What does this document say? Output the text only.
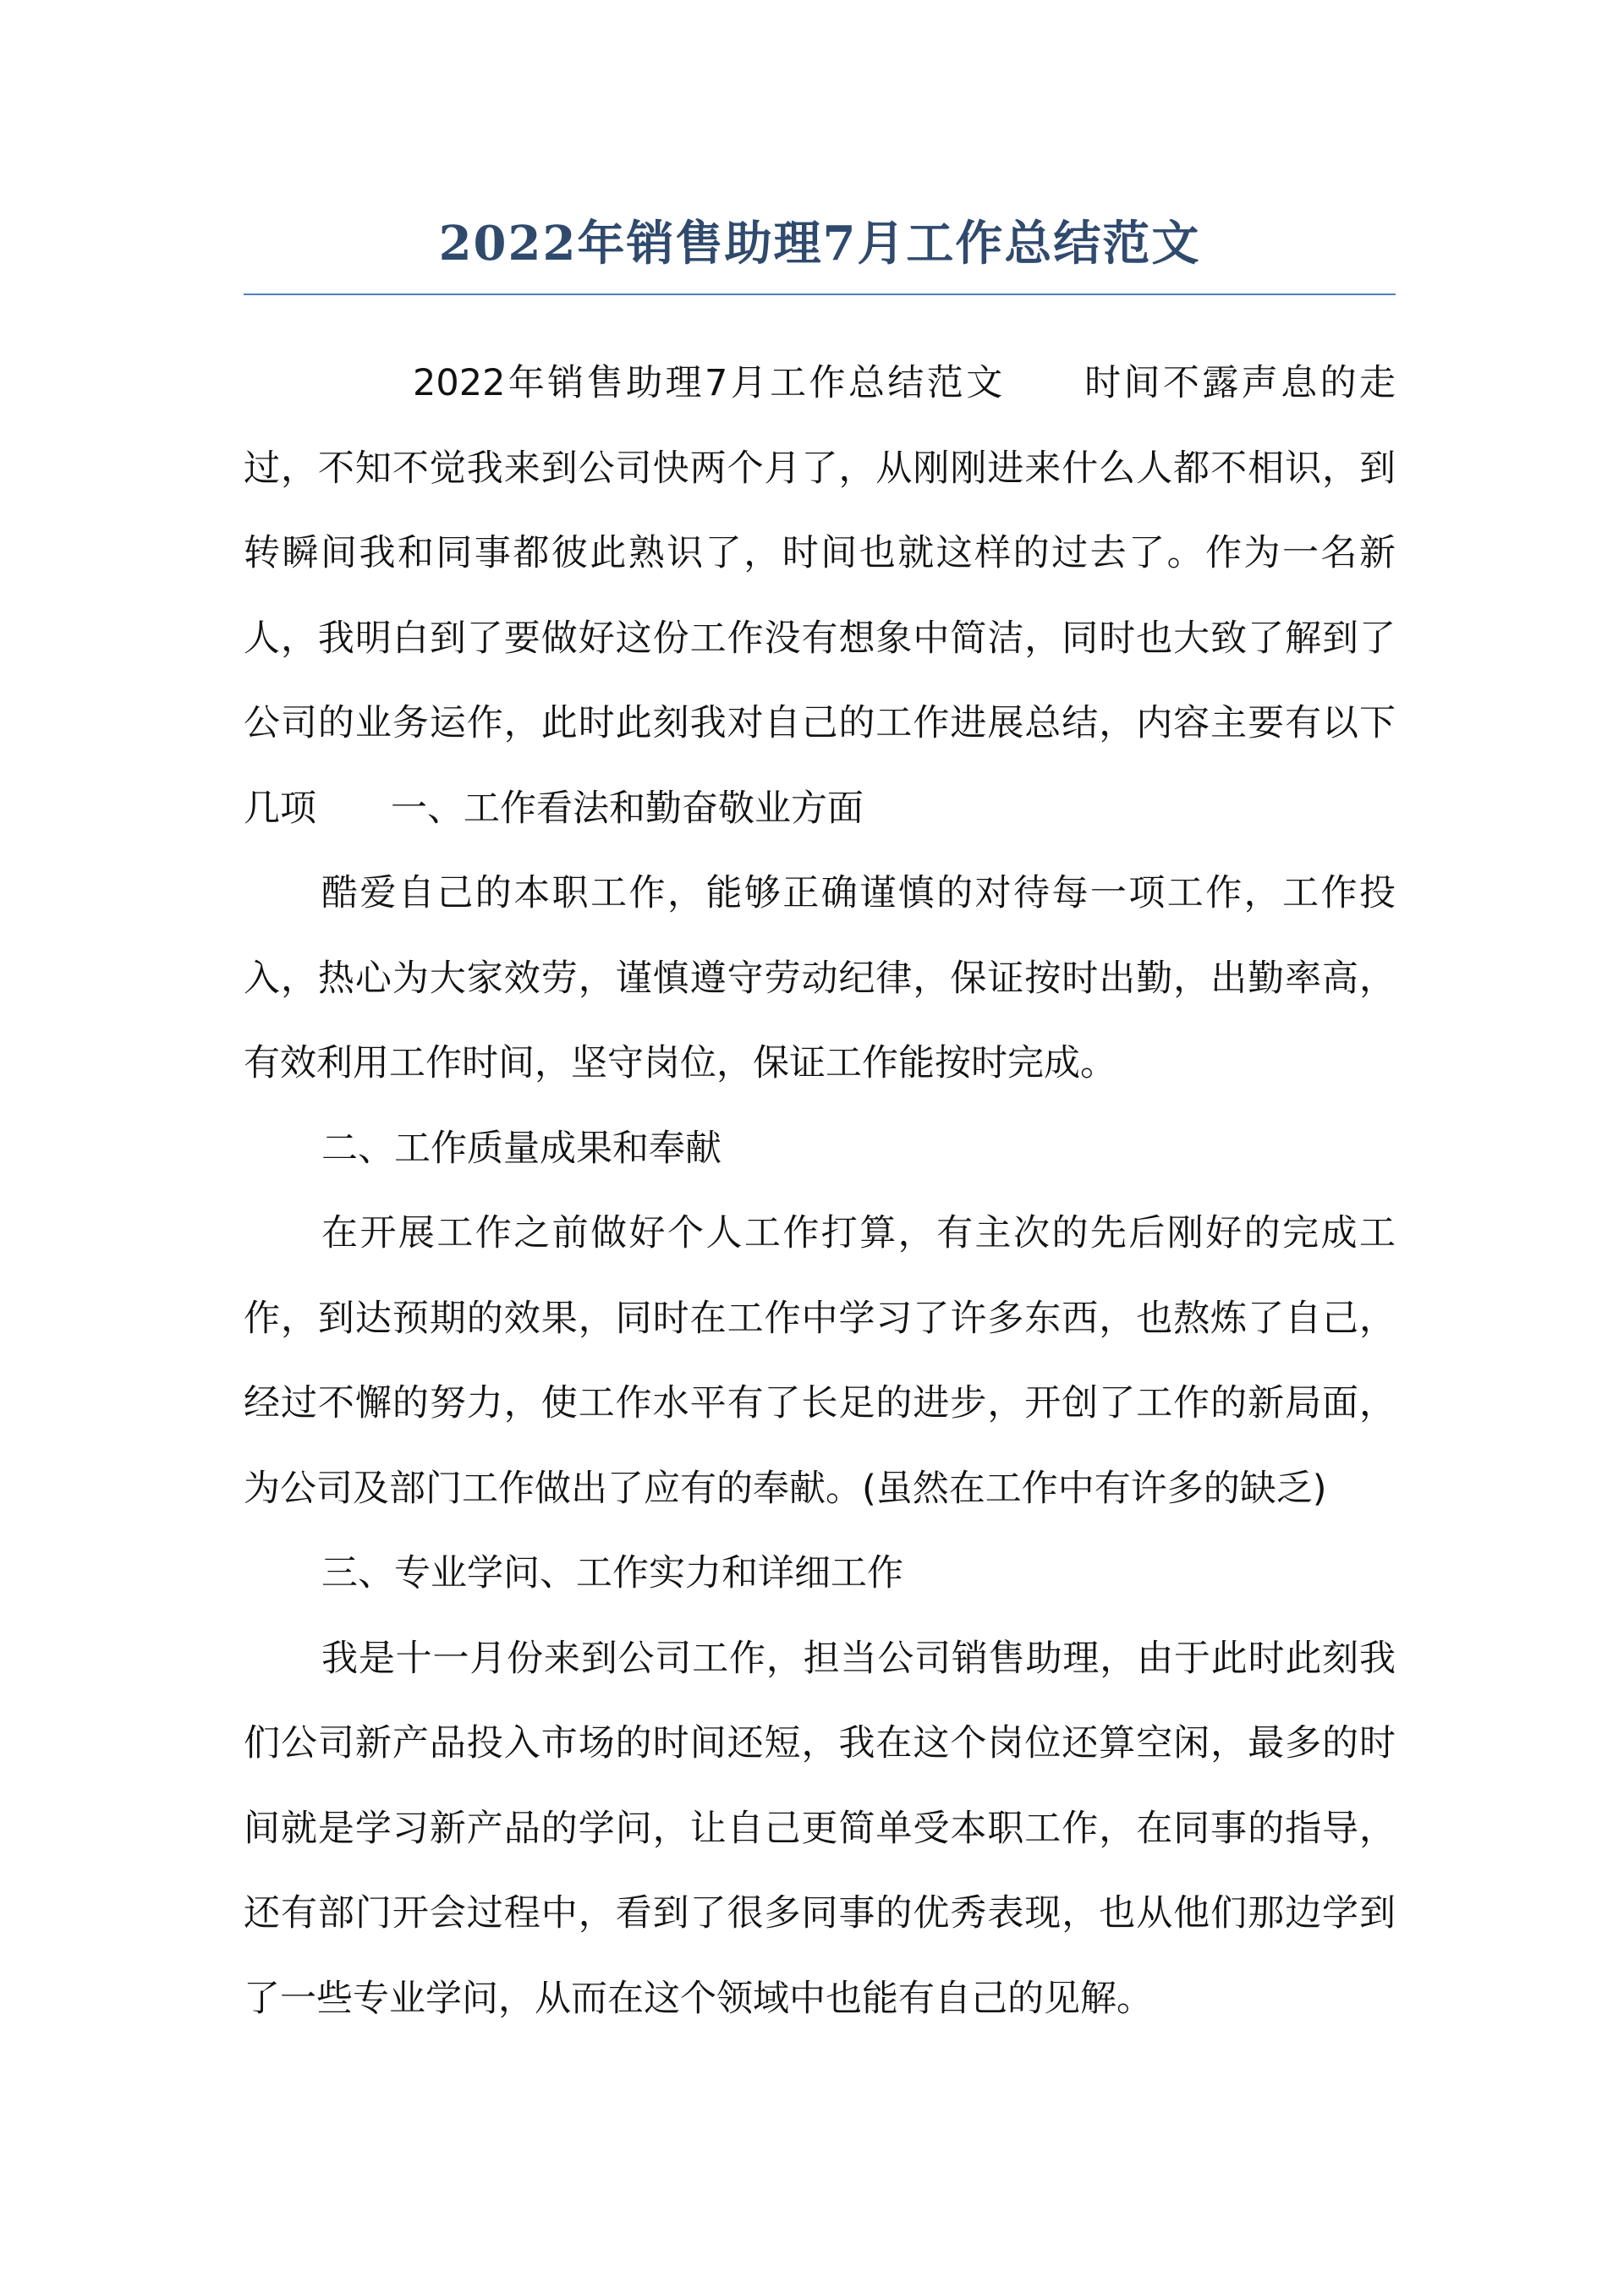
2022年销售助理7月工作总结范文

2022年销售助理7月工作总结范文 时间不露声息的走过，不知不觉我来到公司快两个月了，从刚刚进来什么人都不相识，到转瞬间我和同事都彼此熟识了，时间也就这样的过去了。作为一名新人，我明白到了要做好这份工作没有想象中简洁，同时也大致了解到了公司的业务运作，此时此刻我对自己的工作进展总结，内容主要有以下几项 一、工作看法和勤奋敬业方面

酷爱自己的本职工作，能够正确谨慎的对待每一项工作，工作投入，热心为大家效劳，谨慎遵守劳动纪律，保证按时出勤，出勤率高，有效利用工作时间，坚守岗位，保证工作能按时完成。

二、工作质量成果和奉献

在开展工作之前做好个人工作打算，有主次的先后刚好的完成工作，到达预期的效果，同时在工作中学习了许多东西，也熬炼了自己，经过不懈的努力，使工作水平有了长足的进步，开创了工作的新局面，为公司及部门工作做出了应有的奉献。(虽然在工作中有许多的缺乏)

三、专业学问、工作实力和详细工作

我是十一月份来到公司工作，担当公司销售助理，由于此时此刻我们公司新产品投入市场的时间还短，我在这个岗位还算空闲，最多的时间就是学习新产品的学问，让自己更简单受本职工作，在同事的指导，还有部门开会过程中，看到了很多同事的优秀表现，也从他们那边学到了一些专业学问，从而在这个领域中也能有自己的见解。
